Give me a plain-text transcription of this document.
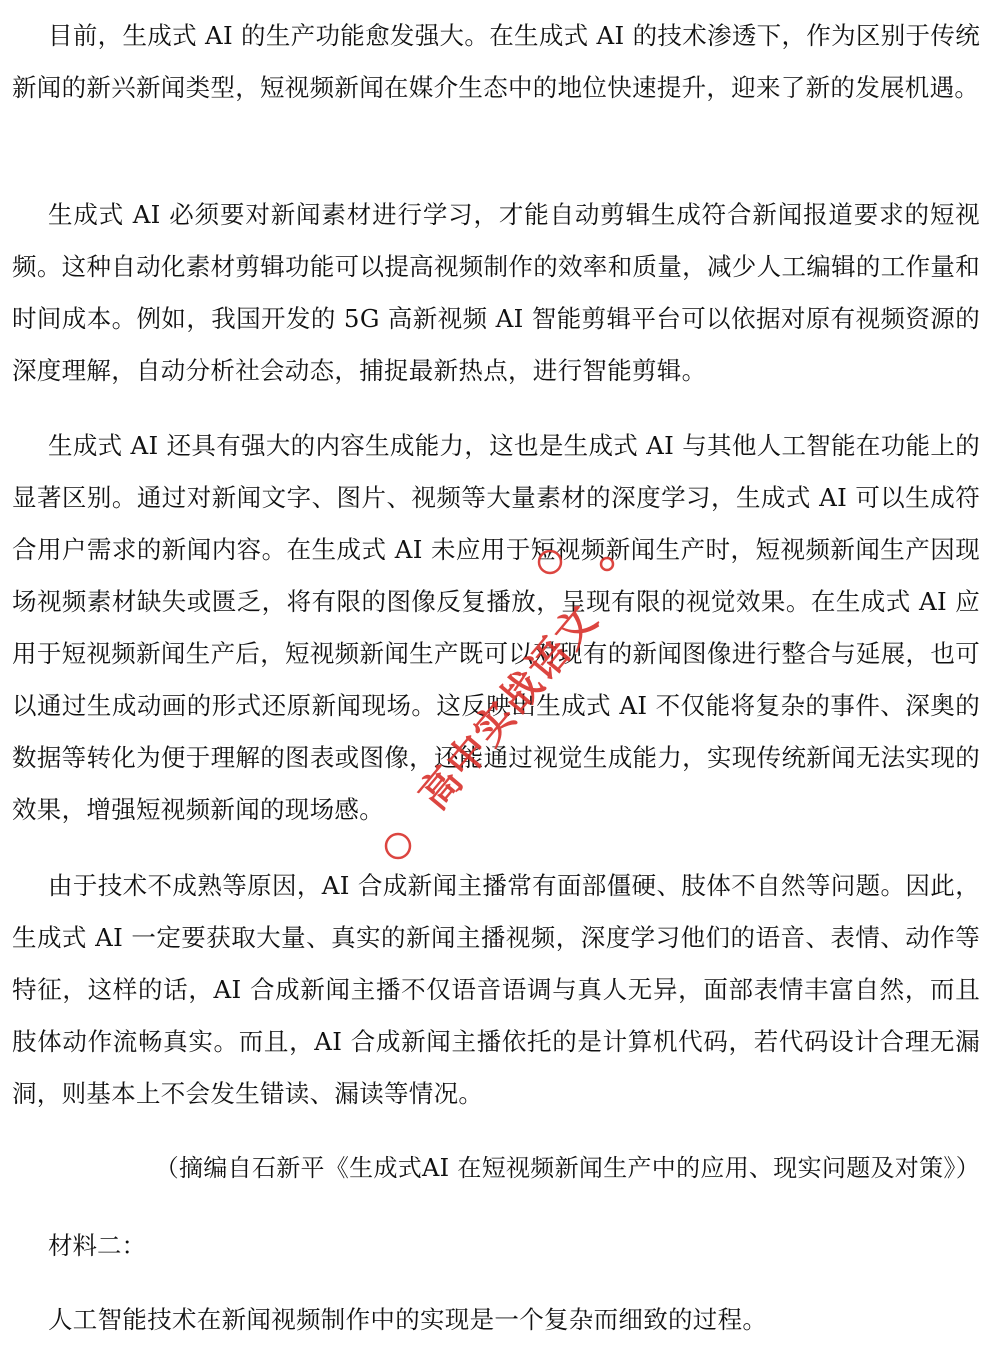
目前，生成式 AI 的生产功能愈发强大。在生成式 AI 的技术渗透下，作为区别于传统新闻的新兴新闻类型，短视频新闻在媒介生态中的地位快速提升，迎来了新的发展机遇。

生成式 AI 必须要对新闻素材进行学习，才能自动剪辑生成符合新闻报道要求的短视频。这种自动化素材剪辑功能可以提高视频制作的效率和质量，减少人工编辑的工作量和时间成本。例如，我国开发的 5G 高新视频 AI 智能剪辑平台可以依据对原有视频资源的深度理解，自动分析社会动态，捕捉最新热点，进行智能剪辑。

生成式 AI 还具有强大的内容生成能力，这也是生成式 AI 与其他人工智能在功能上的显著区别。通过对新闻文字、图片、视频等大量素材的深度学习，生成式 AI 可以生成符合用户需求的新闻内容。在生成式 AI 未应用于短视频新闻生产时，短视频新闻生产因现场视频素材缺失或匮乏，将有限的图像反复播放，呈现有限的视觉效果。在生成式 AI 应用于短视频新闻生产后，短视频新闻生产既可以对现有的新闻图像进行整合与延展，也可以通过生成动画的形式还原新闻现场。这反映出生成式 AI 不仅能将复杂的事件、深奥的数据等转化为便于理解的图表或图像，还能通过视觉生成能力，实现传统新闻无法实现的效果，增强短视频新闻的现场感。

由于技术不成熟等原因，AI 合成新闻主播常有面部僵硬、肢体不自然等问题。因此，生成式 AI 一定要获取大量、真实的新闻主播视频，深度学习他们的语音、表情、动作等特征，这样的话，AI 合成新闻主播不仅语音语调与真人无异，面部表情丰富自然，而且肢体动作流畅真实。而且，AI 合成新闻主播依托的是计算机代码，若代码设计合理无漏洞，则基本上不会发生错读、漏读等情况。

（摘编自石新平《生成式AI 在短视频新闻生产中的应用、现实问题及对策》）

材料二：

人工智能技术在新闻视频制作中的实现是一个复杂而细致的过程。

高中实战语文
